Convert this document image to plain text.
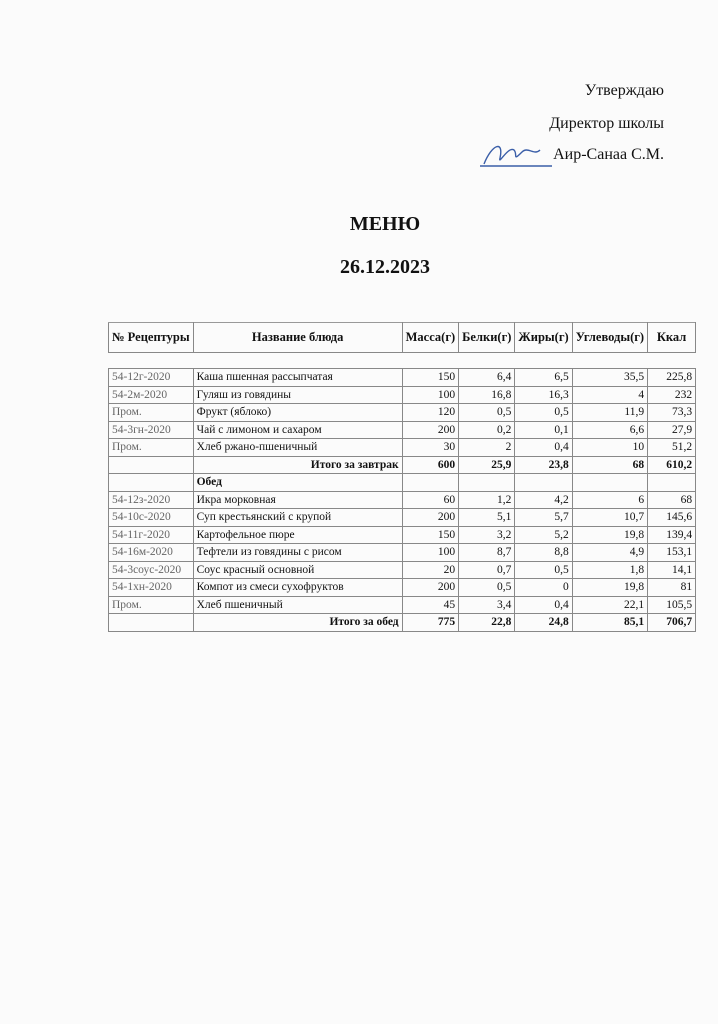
Утверждаю
Директор школы
Аир-Санаа С.М.
МЕНЮ
26.12.2023
№ Рецептуры	Название блюда	Масса(г)	Белки(г)	Жиры(г)	Углеводы(г)	Ккал

54-12г-2020	Каша пшенная рассыпчатая	150	6,4	6,5	35,5	225,8
54-2м-2020	Гуляш из говядины	100	16,8	16,3	4	232
Пром.	Фрукт (яблоко)	120	0,5	0,5	11,9	73,3
54-3гн-2020	Чай с лимоном и сахаром	200	0,2	0,1	6,6	27,9
Пром.	Хлеб ржано-пшеничный	30	2	0,4	10	51,2
	Итого за завтрак	600	25,9	23,8	68	610,2
	Обед					
54-12з-2020	Икра морковная	60	1,2	4,2	6	68
54-10с-2020	Суп крестьянский с крупой	200	5,1	5,7	10,7	145,6
54-11г-2020	Картофельное пюре	150	3,2	5,2	19,8	139,4
54-16м-2020	Тефтели из говядины с рисом	100	8,7	8,8	4,9	153,1
54-3соус-2020	Соус красный основной	20	0,7	0,5	1,8	14,1
54-1хн-2020	Компот из смеси сухофруктов	200	0,5	0	19,8	81
Пром.	Хлеб пшеничный	45	3,4	0,4	22,1	105,5
	Итого за обед	775	22,8	24,8	85,1	706,7
